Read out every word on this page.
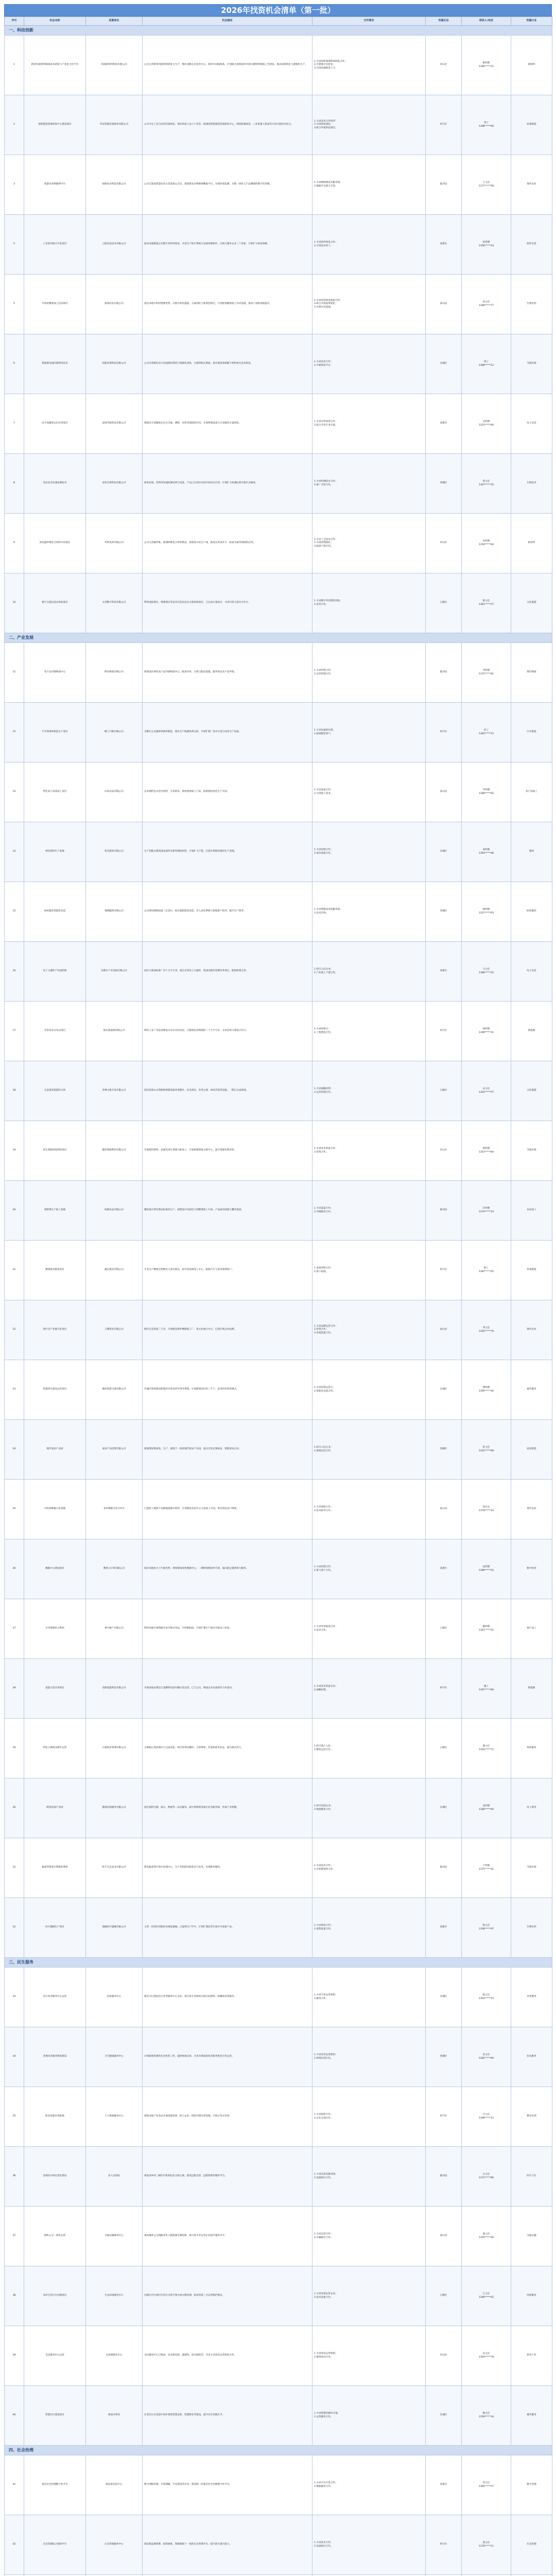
2026年找资机会清单（第一批）
序号	机会名称	招募单位	机会描述	合作需求	所属区县	联系人/电话	所属行业
一、科技创新							
1	新型功能材料制备技术研发与产业化合作平台	西南新材料科技有限公司	公司主营新型功能材料研发与生产，拥有省级企业技术中心，现有中试线两条，计划联合高校院所开展关键材料制备工艺研发，推动成果转化与规模化生产。	1.寻求材料领域科研团队合作；
2.共建联合实验室；
3.引进高端研发人才。	青山区	陈经理
1385*****21	新材料
2	智能制造装备研发中心建设项目	华安智能装备股份有限公司	公司专注工业自动化装备研发，现有研发人员六十余名，拟建设智能制造装备研发中心，围绕机器视觉、工业机器人集成等方向开展技术攻关。	1.寻求技术合作伙伴；
2.引进研发团队；
3.联合申报科技项目。	经开区	刘工
1398*****06	装备制造
3	智慧农业物联网平台	绿源农业科技有限公司	公司已建成智慧农业示范基地五百亩，拟搭建农业物联网数据平台，实现环境监测、水肥一体化与产品溯源的数字化管理。	1.寻求物联网技术服务商；
2.数据平台联合开发。	临河县	王主任
1377*****58	现代农业
4	工业软件联合开发项目	云联信息技术有限公司	面向本地制造企业数字化转型需求，开发生产执行系统与设备管理软件，目前已服务企业三十余家，计划扩大研发规模。	1.寻求软件研发合作；
2.引进技术骨干。	高新区	赵经理
1356*****43	软件信息
5	中药材精深加工技术研究	康泰药业有限公司	依托本地中药材资源优势，开展中药材提取、分离纯化与新剂型研究，计划建设精深加工中试基地，推动产品附加值提升。	1.寻求医药研发机构合作；
2.联合开展成果转化；
3.共建中试基地。	南山县	孙主任
1390*****77	生物医药
6	新能源电池回收利用技术	恒能环保科技有限公司	公司从事废旧动力电池梯次利用与资源化回收，已取得相关资质，拟开展高效拆解与材料再生技术研发。	1.寻求技术合作；
2.共建研发平台。	东城区	周工
1388*****12	节能环保
7	北斗高精度定位应用项目	星图导航科技有限公司	围绕北斗高精度定位在交通、测绘、农机等领域的应用，开展终端设备与行业解决方案研发。	1.寻求应用场景合作；
2.联合开发行业方案。	高新区	吴经理
1351*****90	电子信息
8	食品安全快速检测技术	安检生物科技有限公司	研发农残、兽残等快速检测试剂与设备，产品已在部分农贸市场试点应用，计划扩大检测品类并提升灵敏度。	1.寻求检测技术合作；
2.推广应用合作。	西城区	郑主任
1367*****35	生物技术
9	高性能纤维复合材料中试项目	华纤复材有限公司	公司主营碳纤维、玻璃纤维复合材料制品，拟建设中试生产线，推进在风电叶片、轨道交通等领域的应用。	1.寻求工艺技术合作；
2.引进管理团队；
3.拓展下游应用。	青山区	冯经理
1359*****64	新材料
10	数字文旅沉浸式体验项目	文创数字科技有限公司	利用虚拟现实、增强现实等技术打造沉浸式文旅体验项目，已完成方案设计，寻求内容与技术合作方。	1.寻求数字内容制作团队；
2.技术合作。	古镇区	陈主任
1381*****27	文化旅游
二、产业发展							
11	农产品冷链物流中心	鲜达物流有限公司	拟建设区域性农产品冷链物流中心，配备冷库、分拣与配送设施，服务周边农产品外销。	1.寻求投资合作；
2.运营管理合作。	临河县	李经理
1372*****81	现代物流
12	汽车零部件配套生产项目	精工汽配有限公司	为整车企业提供零部件配套，现有生产线满负荷运转，计划扩建厂房并引进自动化生产设备。	1.寻求设备供应商；
2.拓展配套客户。	经开区	何工
1383*****15	汽车制造
13	特色农产品深加工项目	山珍食品有限公司	以本地特色山货为原料，开发即食、休闲类深加工产品，拟新建标准化生产车间。	1.寻求渠道合作；
2.引进加工技术。	南山县	罗经理
1368*****92	农产品加工
14	绿色建材生产基地	筑美建材有限公司	生产装配式建筑部品部件及新型墙体材料，计划扩大产能，打造区域绿色建材生产基地。	1.寻求投资合作；
2.项目承接合作。	东城区	高经理
1393*****48	建材
15	纺织服装智能化改造	锦绣服饰有限公司	公司现有缝制设备三百余台，拟实施智能化改造，引入吊挂系统与智能排产软件，提升生产效率。	1.寻求智能化改造服务商；
2.技术咨询。	西城区	林经理
1357*****63	纺织服装
16	电子元器件产业园招商	高新区产业发展有限公司	园区已建成标准厂房十万平方米，重点引进电子元器件、集成电路封装测试等项目，配套政策完善。	1.招引入驻企业；
2.产业链上下游合作。	高新区	马主任
1386*****20	电子信息
17	光伏发电分布式项目	阳光新能源有限公司	利用工业厂房屋顶建设分布式光伏电站，已储备屋顶资源约二十万平方米，寻求投资与建设合作方。	1.寻求投资方；
2.工程建设合作。	经开区	梁经理
1399*****31	新能源
18	生态康养旅游综合体	青峰文旅开发有限公司	依托优质山水资源规划建设康养度假区，包含酒店、养老公寓、休闲步道等设施，一期已完成规划。	1.寻求战略投资；
2.运营管理合作。	古镇区	宋主任
1362*****57	文化旅游
19	再生资源回收利用项目	循环资源利用有限公司	开展废旧塑料、金属等再生资源分拣加工，计划新建智能分拣中心，提升资源化利用率。	1.寻求技术装备合作；
2.投资合作。	青山区	唐经理
1353*****84	节能环保
20	预制菜生产加工基地	味源食品有限公司	聚焦地方特色菜品标准化生产，拟建设中央厨房与预制菜加工车间，产品面向商超与餐饮渠道。	1.寻求渠道合作；
2.冷链配送合作。	临河县	许经理
1374*****19	食品加工
21	精密模具制造项目	鑫达模具有限公司	专业生产精密注塑模具与冲压模具，拟引进高端加工中心，拓展汽车与家电领域客户。	1.设备采购合作；
2.客户拓展。	经开区	韩工
1387*****02	装备制造
22	茶叶全产业链开发项目	云雾茶业有限公司	拥有生态茶园三千亩，计划建设茶叶精制加工厂、茶文化展示中心，打造区域公用品牌。	1.寻求品牌运营合作；
2.投资合作；
3.电商渠道合作。	南山县	邓主任
1365*****76	现代农业
23	智慧停车建设运营项目	城投智慧交通有限公司	在城区规划建设智慧停车场及停车诱导系统，计划新增泊位约三千个，采用特许经营模式。	1.寻求投资运营方；
2.智能化设备合作。	东城区	曹经理
1395*****40	城市服务
24	现代家居产业园	家居产业投资有限公司	规划建设集研发、生产、展销于一体的现代家居产业园，重点引进定制家居、智能家居企业。	1.招引入驻企业；
2.展销运营合作。	西城区	彭主任
1352*****68	家居制造
25	中药材种植示范基地	本草种植专业合作社	已流转土地两千亩种植道地中药材，计划建设育苗中心与初加工车间，带动周边农户增收。	1.寻求收购合作；
2.技术指导合作。	南山县	蒋社长
1378*****33	现代农业
26	数据中心建设项目	数智云计算有限公司	依托本地电力与气候优势，规划建设绿色数据中心，一期规划机柜两千架，面向政企提供算力服务。	1.寻求投资合作；
2.算力客户合作。	高新区	沈经理
1389*****54	数字经济
27	竹木资源综合利用	翠竹林产有限公司	利用本地竹林资源开发竹制日用品、竹纤维制品，计划扩建生产线并开拓出口市场。	1.寻求外贸渠道合作；
2.技术合作。	古镇区	姚经理
1361*****25	林产加工
28	氢能示范应用项目	清源氢能科技有限公司	开展加氢站建设与氢燃料电池车辆示范运营，已与公交、物流企业达成初步合作意向。	1.寻求技术装备合作；
2.战略投资。	经开区	潘工
1397*****89	新能源
29	特色小镇商业街区运营	古镇商业管理有限公司	古镇核心商业街区已完成改造，拟引进特色餐饮、文创零售、非遗体验等业态，提升街区活力。	1.招引商户入驻；
2.整体运营合作。	古镇区	董主任
1354*****71	商贸服务
30	跨境电商产业园	港通电商服务有限公司	园区提供仓储、报关、物流等一站式服务，拟引进跨境电商企业及服务商，形成产业集聚。	1.招引电商企业；
2.物流服务合作。	东城区	袁经理
1384*****06	电子商务
31	畜禽养殖粪污资源化利用	牧丰生态农业有限公司	建设畜禽粪污集中处理中心，生产有机肥并配套沼气发电，实现种养循环。	1.寻求技术合作；
2.有机肥销售合作。	临河县	于经理
1375*****42	节能环保
32	医疗器械生产项目	康健医疗器械有限公司	主营一次性医用耗材及康复器械，已取得生产许可，计划扩建洁净车间并开发新产品。	1.寻求研发合作；
2.销售渠道合作。	高新区	程主任
1358*****97	生物医药
三、民生服务							
33	社区养老服务中心运营	民政服务中心	辖区内已建成社区养老服务中心五处，拟引进专业机构开展日间照料、助餐助浴等服务。	1.寻求专业运营机构；
2.服务合作。	东城区	陆主任
1363*****15	养老服务
34	普惠托育服务机构建设	卫生健康服务中心	计划新建普惠性托育机构三所，提供场地支持，寻求有资质的托育服务机构合作运营。	1.寻求托育运营机构；
2.师资培训合作。	西城区	范主任
1382*****60	托育服务
35	职业技能培训基地	人力资源服务中心	围绕本地产业需求开展技能培训，拟与企业、院校共建实训基地，开展订单式培养。	1.寻求院校合作；
2.企业实训合作。	经开区	方主任
1396*****23	教育培训
36	县域医共体信息化建设	县人民医院	推进县乡村三级医疗机构信息互联互通，建设远程会诊、远程影像等服务平台。	1.寻求信息化服务商；
2.设备供应合作。	临河县	石主任
1371*****86	医疗卫生
37	城乡公交一体化运营	交通运输服务中心	推进城乡公交线路优化与新能源车辆更新，拟引进专业运营企业提升服务水平。	1.寻求运营合作；
2.车辆供应合作。	南山县	秦主任
1355*****49	交通运输
38	农村生活污水处理项目	生态环境服务中心	对辖区内行政村生活污水进行集中或分散处理，拟采用第三方运营维护模式。	1.寻求环保运营企业；
2.技术设备合作。	古镇区	江主任
1366*****02	环保服务
39	全民健身中心运营	文体旅服务中心	全民健身中心已建成，包含游泳馆、篮球馆、羽毛球馆等，寻求专业体育运营机构合作。	1.寻求体育运营机构；
2.赛事活动合作。	青山区	史主任
1392*****78	体育产业
40	智慧社区建设项目	街道办事处	在老旧小区改造中同步推进智慧安防、智慧物业等建设，提升社区治理水平。	1.寻求智慧化解决方案；
2.运营服务合作。	东城区	顾主任
1359*****34	城市服务
四、社会治理							
41	基层社会治理数字化平台	政法委信息中心	整合网格管理、矛盾调解、平安建设等业务，建设统一的基层社会治理数字化平台。	1.寻求平台开发合作；
2.数据服务合作。	高新区	贾主任
1385*****57	数字治理
42	应急管理综合指挥平台	应急管理服务中心	建设集监测预警、指挥调度、资源保障于一体的应急管理平台，提升防灾减灾能力。	1.寻求技术合作；
2.设备供应合作。	经开区	夏主任
1376*****11	应急管理
